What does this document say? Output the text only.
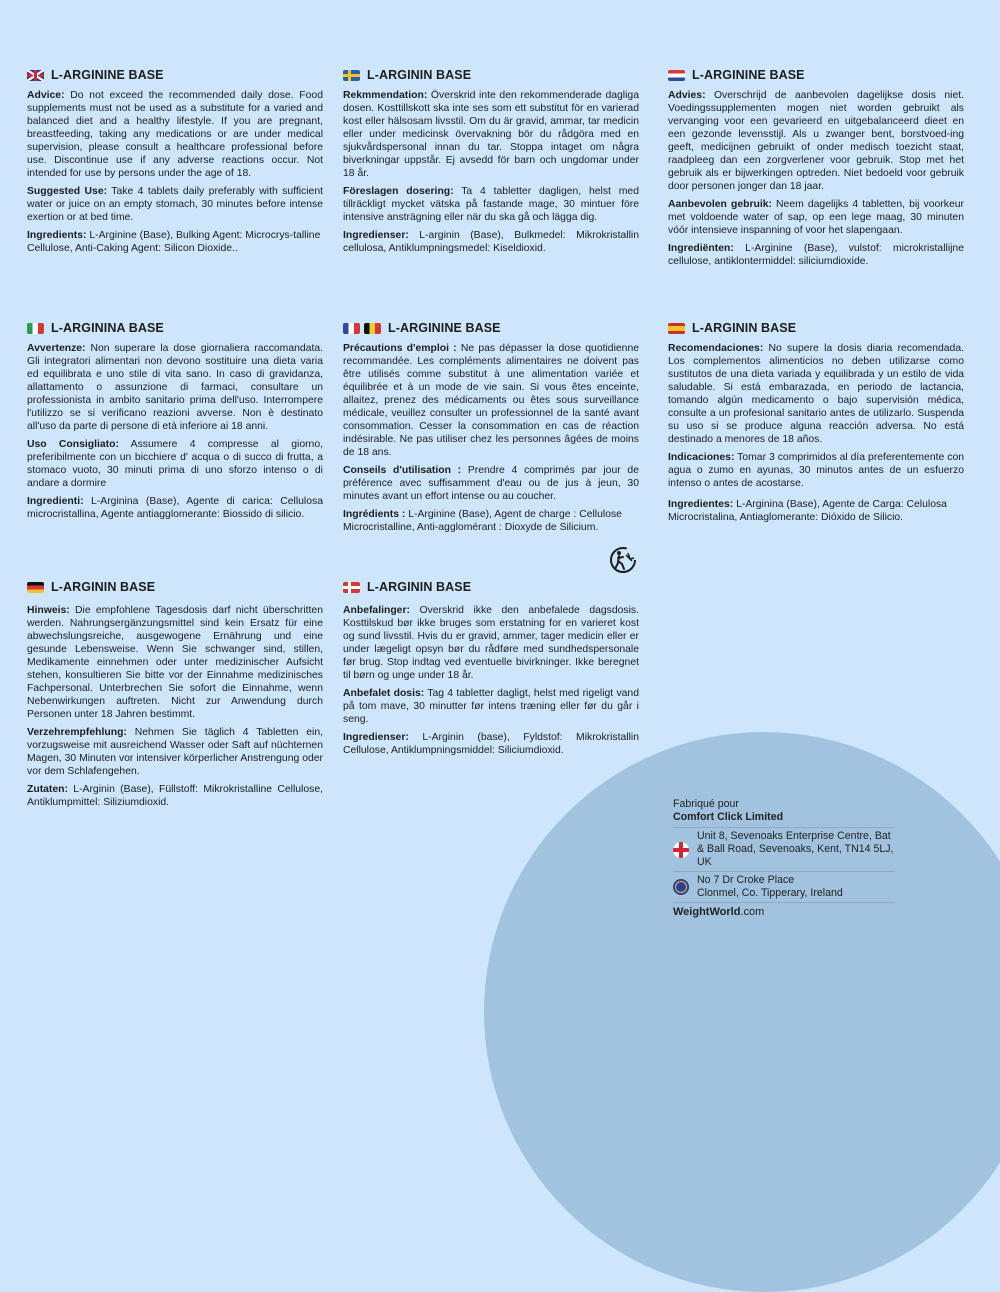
L-ARGININE BASE

Advice: Do not exceed the recommended daily dose. Food supplements must not be used as a substitute for a varied and balanced diet and a healthy lifestyle. If you are pregnant, breastfeeding, taking any medications or are under medical supervision, please consult a healthcare professional before use. Discontinue use if any adverse reactions occur. Not intended for use by persons under the age of 18.

Suggested Use: Take 4 tablets daily preferably with sufficient water or juice on an empty stomach, 30 minutes before intense exertion or at bed time.

Ingredients: L-Arginine (Base), Bulking Agent: Microcrys-talline Cellulose, Anti-Caking Agent: Silicon Dioxide..

L-ARGININ BASE

Rekmmendation: Överskrid inte den rekommenderade dagliga dosen. Kosttillskott ska inte ses som ett substitut för en varierad kost eller hälsosam livsstil. Om du är gravid, ammar, tar medicin eller under medicinsk övervakning bör du rådgöra med en sjukvårdspersonal innan du tar. Stoppa intaget om några biverkningar uppstår. Ej avsedd för barn och ungdomar under 18 år.

Föreslagen dosering: Ta 4 tabletter dagligen, helst med tillräckligt mycket vätska på fastande mage, 30 mintuer före intensive ansträgning eller när du ska gå och lägga dig.

Ingredienser: L-arginin (Base), Bulkmedel: Mikrokristallin cellulosa, Antiklumpningsmedel: Kiseldioxid.

L-ARGININE BASE

Advies: Overschrijd de aanbevolen dagelijkse dosis niet. Voedingssupplementen mogen niet worden gebruikt als vervanging voor een gevarieerd en uitgebalanceerd dieet en een gezonde levensstijl. Als u zwanger bent, borstvoed-ing geeft, medicijnen gebruikt of onder medisch toezicht staat, raadpleeg dan een zorgverlener voor gebruik. Stop met het gebruik als er bijwerkingen optreden. Niet bedoeld voor gebruik door personen jonger dan 18 jaar.

Aanbevolen gebruik: Neem dagelijks 4 tabletten, bij voorkeur met voldoende water of sap, op een lege maag, 30 minuten vóór intensieve inspanning of voor het slapengaan.

Ingrediënten: L-Arginine (Base), vulstof: microkristallijne cellulose, antiklontermiddel: siliciumdioxide.

L-ARGININA BASE

Avvertenze: Non superare la dose giornaliera raccomandata. Gli integratori alimentari non devono sostituire una dieta varia ed equilibrata e uno stile di vita sano. In caso di gravidanza, allattamento o assunzione di farmaci, consultare un professionista in ambito sanitario prima dell'uso. Interrompere l'utilizzo se si verificano reazioni avverse. Non è destinato all'uso da parte di persone di età inferiore ai 18 anni.

Uso Consigliato: Assumere 4 compresse al giorno, preferibilmente con un bicchiere d' acqua o di succo di frutta, a stomaco vuoto, 30 minuti prima di uno sforzo intenso o di andare a dormire

Ingredienti: L-Arginina (Base), Agente di carica: Cellulosa microcristallina, Agente antiagglomerante: Biossido di silicio.

L-ARGININE BASE

Précautions d'emploi : Ne pas dépasser la dose quotidienne recommandée. Les compléments alimentaires ne doivent pas être utilisés comme substitut à une alimentation variée et équilibrée et à un mode de vie sain. Si vous êtes enceinte, allaitez, prenez des médicaments ou êtes sous surveillance médicale, veuillez consulter un professionnel de la santé avant consommation. Cesser la consommation en cas de réaction indésirable. Ne pas utiliser chez les personnes âgées de moins de 18 ans.

Conseils d'utilisation : Prendre 4 comprimés par jour de préférence avec suffisamment d'eau ou de jus à jeun, 30 minutes avant un effort intense ou au coucher.

Ingrédients : L-Arginine (Base), Agent de charge : Cellulose Microcristalline, Anti-agglomérant : Dioxyde de Silicium.

L-ARGININ BASE

Recomendaciones: No supere la dosis diaria recomendada. Los complementos alimenticios no deben utilizarse como sustitutos de una dieta variada y equilibrada y un estilo de vida saludable. Si está embarazada, en periodo de lactancia, tomando algún medicamento o bajo supervisión médica, consulte a un profesional sanitario antes de utilizarlo. Suspenda su uso si se produce alguna reacción adversa. No está destinado a menores de 18 años.

Indicaciones: Tomar 3 comprimidos al día preferentemente con agua o zumo en ayunas, 30 minutos antes de un esfuerzo intenso o antes de acostarse.

Ingredientes: L-Arginina (Base), Agente de Carga: Celulosa Microcristalina, Antiaglomerante: Dióxido de Silicio.

L-ARGININ BASE

Hinweis: Die empfohlene Tagesdosis darf nicht überschritten werden. Nahrungsergänzungsmittel sind kein Ersatz für eine abwechslungsreiche, ausgewogene Ernährung und eine gesunde Lebensweise. Wenn Sie schwanger sind, stillen, Medikamente einnehmen oder unter medizinischer Aufsicht stehen, konsultieren Sie bitte vor der Einnahme medizinisches Fachpersonal. Unterbrechen Sie sofort die Einnahme, wenn Nebenwirkungen auftreten. Nicht zur Anwendung durch Personen unter 18 Jahren bestimmt.

Verzehrempfehlung: Nehmen Sie täglich 4 Tabletten ein, vorzugsweise mit ausreichend Wasser oder Saft auf nüchternen Magen, 30 Minuten vor intensiver körperlicher Anstrengung oder vor dem Schlafengehen.

Zutaten: L-Arginin (Base), Füllstoff: Mikrokristalline Cellulose, Antiklumpmittel: Siliziumdioxid.

L-ARGININ BASE

Anbefalinger: Overskrid ikke den anbefalede dagsdosis. Kosttilskud bør ikke bruges som erstatning for en varieret kost og sund livsstil. Hvis du er gravid, ammer, tager medicin eller er under lægeligt opsyn bør du rådføre med sundhedspersonale før brug. Stop indtag ved eventuelle bivirkninger. Ikke beregnet til børn og unge under 18 år.

Anbefalet dosis: Tag 4 tabletter dagligt, helst med rigeligt vand på tom mave, 30 minutter før intens træning eller før du går i seng.

Ingredienser: L-Arginin (base), Fyldstof: Mikrokristallin Cellulose, Antiklumpningsmiddel: Siliciumdioxid.

Fabriqué pour
Comfort Click Limited
Unit 8, Sevenoaks Enterprise Centre, Bat & Ball Road, Sevenoaks, Kent, TN14 5LJ, UK
No 7 Dr Croke Place
Clonmel, Co. Tipperary, Ireland
WeightWorld.com
